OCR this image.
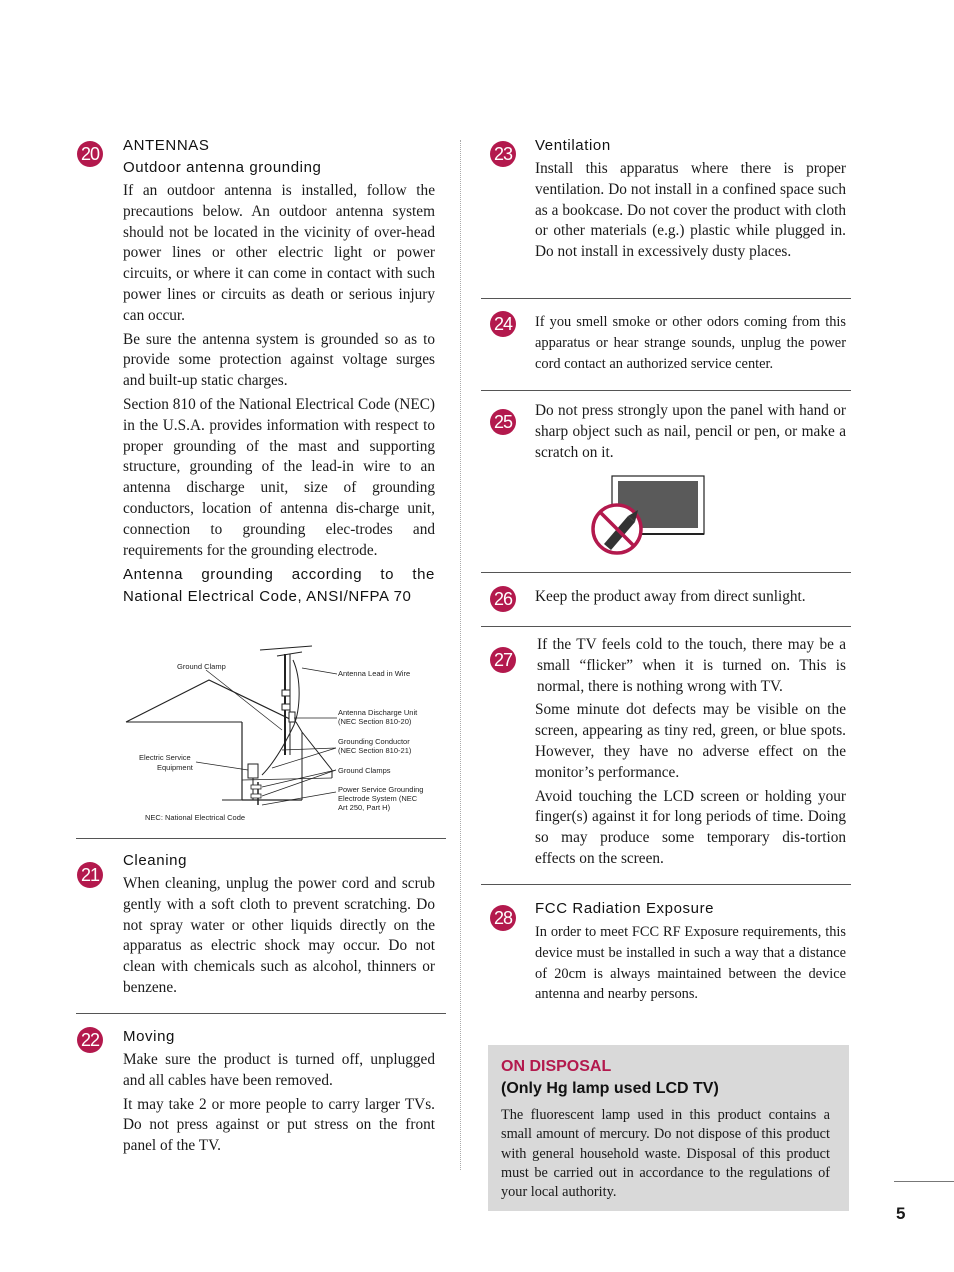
20 ANTENNAS
Outdoor antenna grounding

If an outdoor antenna is installed, follow the precautions below. An outdoor antenna system should not be located in the vicinity of over-head power lines or other electric light or power circuits, or where it can come in contact with such power lines or circuits as death or serious injury can occur.

Be sure the antenna system is grounded so as to provide some protection against voltage surges and built-up static charges.

Section 810 of the National Electrical Code (NEC) in the U.S.A. provides information with respect to proper grounding of the mast and supporting structure, grounding of the lead-in wire to an antenna discharge unit, size of grounding conductors, location of antenna dis-charge unit, connection to grounding elec-trodes and requirements for the grounding electrode.

Antenna grounding according to the National Electrical Code, ANSI/NFPA 70
Ground Clamp
Antenna Lead in Wire
Antenna Discharge Unit
(NEC Section 810-20)
Grounding Conductor
(NEC Section 810-21)
Electric Service
Equipment	Ground Clamps
Power Service Grounding
Electrode System (NEC
Art 250, Part H)
NEC: National Electrical Code
21
Cleaning

When cleaning, unplug the power cord and scrub gently with a soft cloth to prevent scratching. Do not spray water or other liquids directly on the apparatus as electric shock may occur. Do not clean with chemicals such as alcohol, thinners or benzene.

22 Moving

Make sure the product is turned off, unplugged and all cables have been removed.

It may take 2 or more people to carry larger TVs. Do not press against or put stress on the front panel of the TV.

23 Ventilation

Install this apparatus where there is proper ventilation. Do not install in a confined space such as a bookcase. Do not cover the product with cloth or other materials (e.g.) plastic while plugged in. Do not install in excessively dusty places.

24 If you smell smoke or other odors coming from this apparatus or hear strange sounds, unplug the power cord contact an authorized service center.

25

Do not press strongly upon the panel with hand or sharp object such as nail, pencil or pen, or make a scratch on it.

26 Keep the product away from direct sunlight.

27

If the TV feels cold to the touch, there may be a small “flicker” when it is turned on. This is normal, there is nothing wrong with TV.

Some minute dot defects may be visible on the screen, appearing as tiny red, green, or blue spots. However, they have no adverse effect on the monitor’s performance.

Avoid touching the LCD screen or holding your finger(s) against it for long periods of time. Doing so may produce some temporary dis-tortion effects on the screen.

28 FCC Radiation Exposure

In order to meet FCC RF Exposure requirements, this device must be installed in such a way that a distance of 20cm is always maintained between the device antenna and nearby persons.

ON DISPOSAL
(Only Hg lamp used LCD TV)

The fluorescent lamp used in this product contains a small amount of mercury. Do not dispose of this product with general household waste. Disposal of this product must be carried out in accordance to the regulations of your local authority.

5
